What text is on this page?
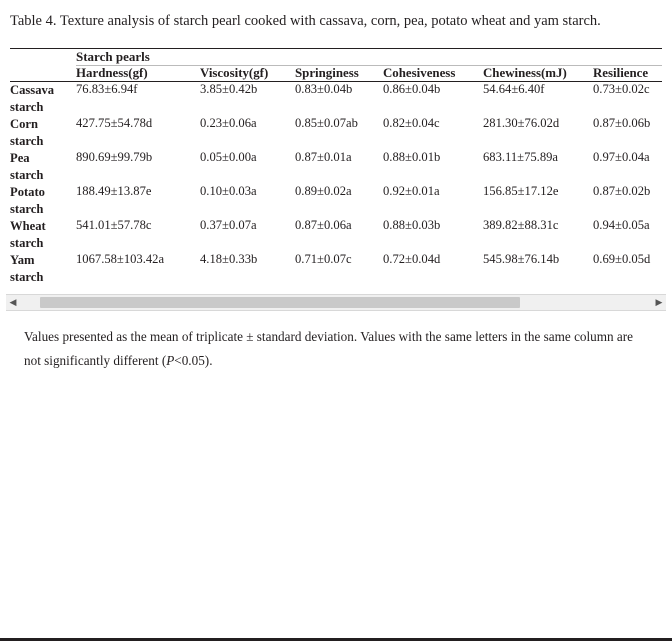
Table 4. Texture analysis of starch pearl cooked with cassava, corn, pea, potato wheat and yam starch.
	Starch pearls					
	Hardness(gf)	Viscosity(gf)	Springiness	Cohesiveness	Chewiness(mJ)	Resilience
Cassava
starch	76.83±6.94f	3.85±0.42b	0.83±0.04b	0.86±0.04b	54.64±6.40f	0.73±0.02c
Corn
starch	427.75±54.78d	0.23±0.06a	0.85±0.07ab	0.82±0.04c	281.30±76.02d	0.87±0.06b
Pea
starch	890.69±99.79b	0.05±0.00a	0.87±0.01a	0.88±0.01b	683.11±75.89a	0.97±0.04a
Potato
starch	188.49±13.87e	0.10±0.03a	0.89±0.02a	0.92±0.01a	156.85±17.12e	0.87±0.02b
Wheat
starch	541.01±57.78c	0.37±0.07a	0.87±0.06a	0.88±0.03b	389.82±88.31c	0.94±0.05a
Yam
starch	1067.58±103.42a	4.18±0.33b	0.71±0.07c	0.72±0.04d	545.98±76.14b	0.69±0.05d
◀	▶
Values presented as the mean of triplicate ± standard deviation. Values with the same letters in the same column are not significantly different (P<0.05).
